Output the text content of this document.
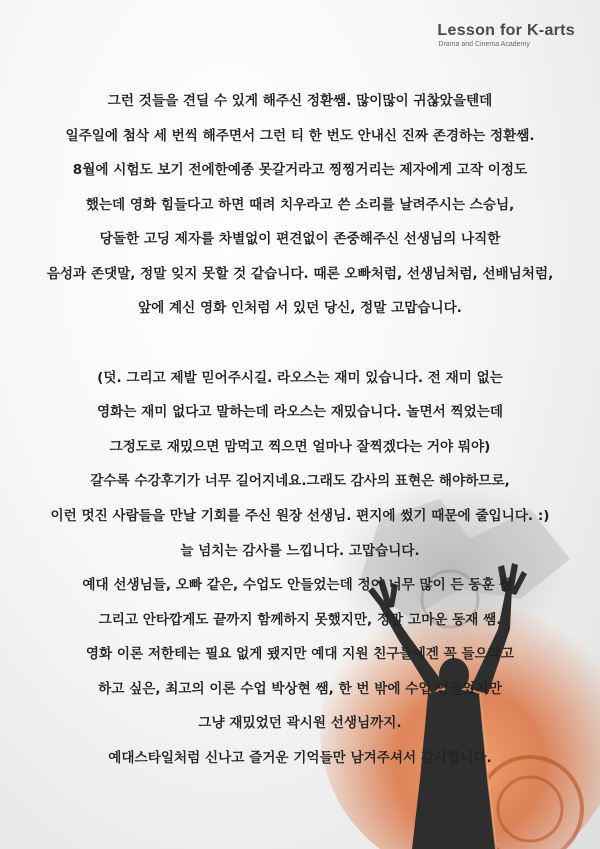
Lesson for K-arts
Drama and Cinema Academy
그런 것들을 견딜 수 있게 해주신 정환쌤. 많이많이 귀찮았을텐데
일주일에 첨삭 세 번씩 해주면서 그런 티 한 번도 안내신 진짜 존경하는 정환쌤.
8월에 시험도 보기 전에한예종 못갈거라고 찡찡거리는 제자에게 고작 이정도
했는데 영화 힘들다고 하면 때려 치우라고 쓴 소리를 날려주시는 스승님,
당돌한 고딩 제자를 차별없이 편견없이 존중해주신 선생님의 나직한
음성과 존댓말, 정말 잊지 못할 것 같습니다. 때론 오빠처럼, 선생님처럼, 선배님처럼,
앞에 계신 영화 인처럼 서 있던 당신, 정말 고맙습니다.
(덧. 그리고 제발 믿어주시길. 라오스는 재미 있습니다. 전 재미 없는
영화는 재미 없다고 말하는데 라오스는 재밌습니다. 놀면서 찍었는데
그정도로 재밌으면 맘먹고 찍으면 얼마나 잘찍겠다는 거야 뭐야)
갈수록 수강후기가 너무 길어지네요.그래도 감사의 표현은 해야하므로,
이런 멋진 사람들을 만날 기회를 주신 원장 선생님. 편지에 썼기 때문에 줄입니다. :)
늘 넘치는 감사를 느낍니다. 고맙습니다.
예대 선생님들, 오빠 같은, 수업도 안들었는데 정이 너무 많이 든 동훈 쌤.
그리고 안타깝게도 끝까지 함께하지 못했지만, 정말 고마운 동재 쌤.
영화 이론 저한테는 필요 없게 됐지만 예대 지원 친구들에겐 꼭 들으라고
하고 싶은, 최고의 이론 수업 박상현 쌤, 한 번 밖에 수업 안들었지만
그냥 재밌었던 곽시원 선생님까지.
예대스타일처럼 신나고 즐거운 기억들만 남겨주셔서 감사합니다.
